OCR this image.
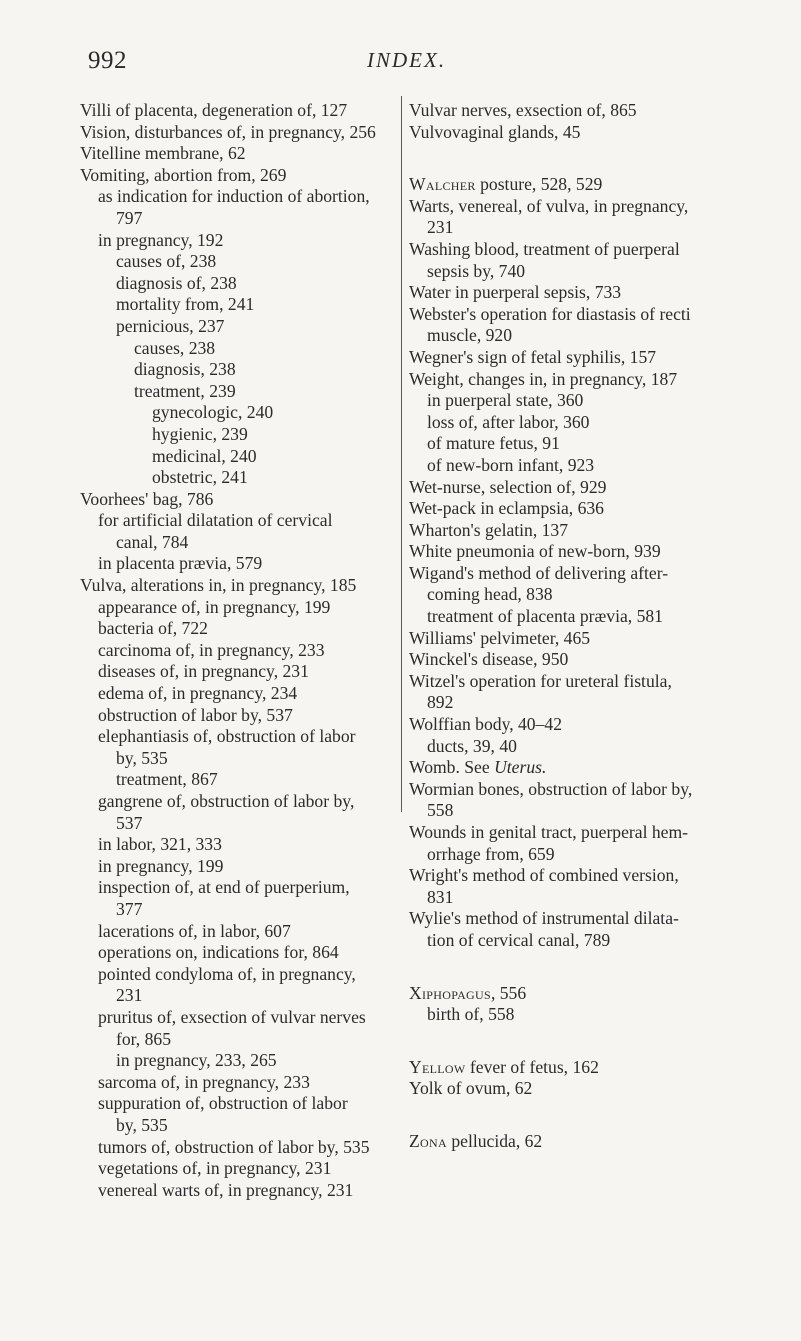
992	INDEX.
Villi of placenta, degeneration of, 127
Vision, disturbances of, in pregnancy, 256
Vitelline membrane, 62
Vomiting, abortion from, 269
as indication for induction of abortion,
797
in pregnancy, 192
causes of, 238
diagnosis of, 238
mortality from, 241
pernicious, 237
causes, 238
diagnosis, 238
treatment, 239
gynecologic, 240
hygienic, 239
medicinal, 240
obstetric, 241
Voorhees' bag, 786
for artificial dilatation of cervical
canal, 784
in placenta prævia, 579
Vulva, alterations in, in pregnancy, 185
appearance of, in pregnancy, 199
bacteria of, 722
carcinoma of, in pregnancy, 233
diseases of, in pregnancy, 231
edema of, in pregnancy, 234
obstruction of labor by, 537
elephantiasis of, obstruction of labor
by, 535
treatment, 867
gangrene of, obstruction of labor by,
537
in labor, 321, 333
in pregnancy, 199
inspection of, at end of puerperium,
377
lacerations of, in labor, 607
operations on, indications for, 864
pointed condyloma of, in pregnancy,
231
pruritus of, exsection of vulvar nerves
for, 865
in pregnancy, 233, 265
sarcoma of, in pregnancy, 233
suppuration of, obstruction of labor
by, 535
tumors of, obstruction of labor by, 535
vegetations of, in pregnancy, 231
venereal warts of, in pregnancy, 231
Vulvar nerves, exsection of, 865
Vulvovaginal glands, 45
Walcher posture, 528, 529
Warts, venereal, of vulva, in pregnancy,
231
Washing blood, treatment of puerperal
sepsis by, 740
Water in puerperal sepsis, 733
Webster's operation for diastasis of recti
muscle, 920
Wegner's sign of fetal syphilis, 157
Weight, changes in, in pregnancy, 187
in puerperal state, 360
loss of, after labor, 360
of mature fetus, 91
of new-born infant, 923
Wet-nurse, selection of, 929
Wet-pack in eclampsia, 636
Wharton's gelatin, 137
White pneumonia of new-born, 939
Wigand's method of delivering after-
coming head, 838
treatment of placenta prævia, 581
Williams' pelvimeter, 465
Winckel's disease, 950
Witzel's operation for ureteral fistula,
892
Wolffian body, 40–42
ducts, 39, 40
Womb. See Uterus.
Wormian bones, obstruction of labor by,
558
Wounds in genital tract, puerperal hem-
orrhage from, 659
Wright's method of combined version,
831
Wylie's method of instrumental dilata-
tion of cervical canal, 789
Xiphopagus, 556
birth of, 558
Yellow fever of fetus, 162
Yolk of ovum, 62
Zona pellucida, 62
